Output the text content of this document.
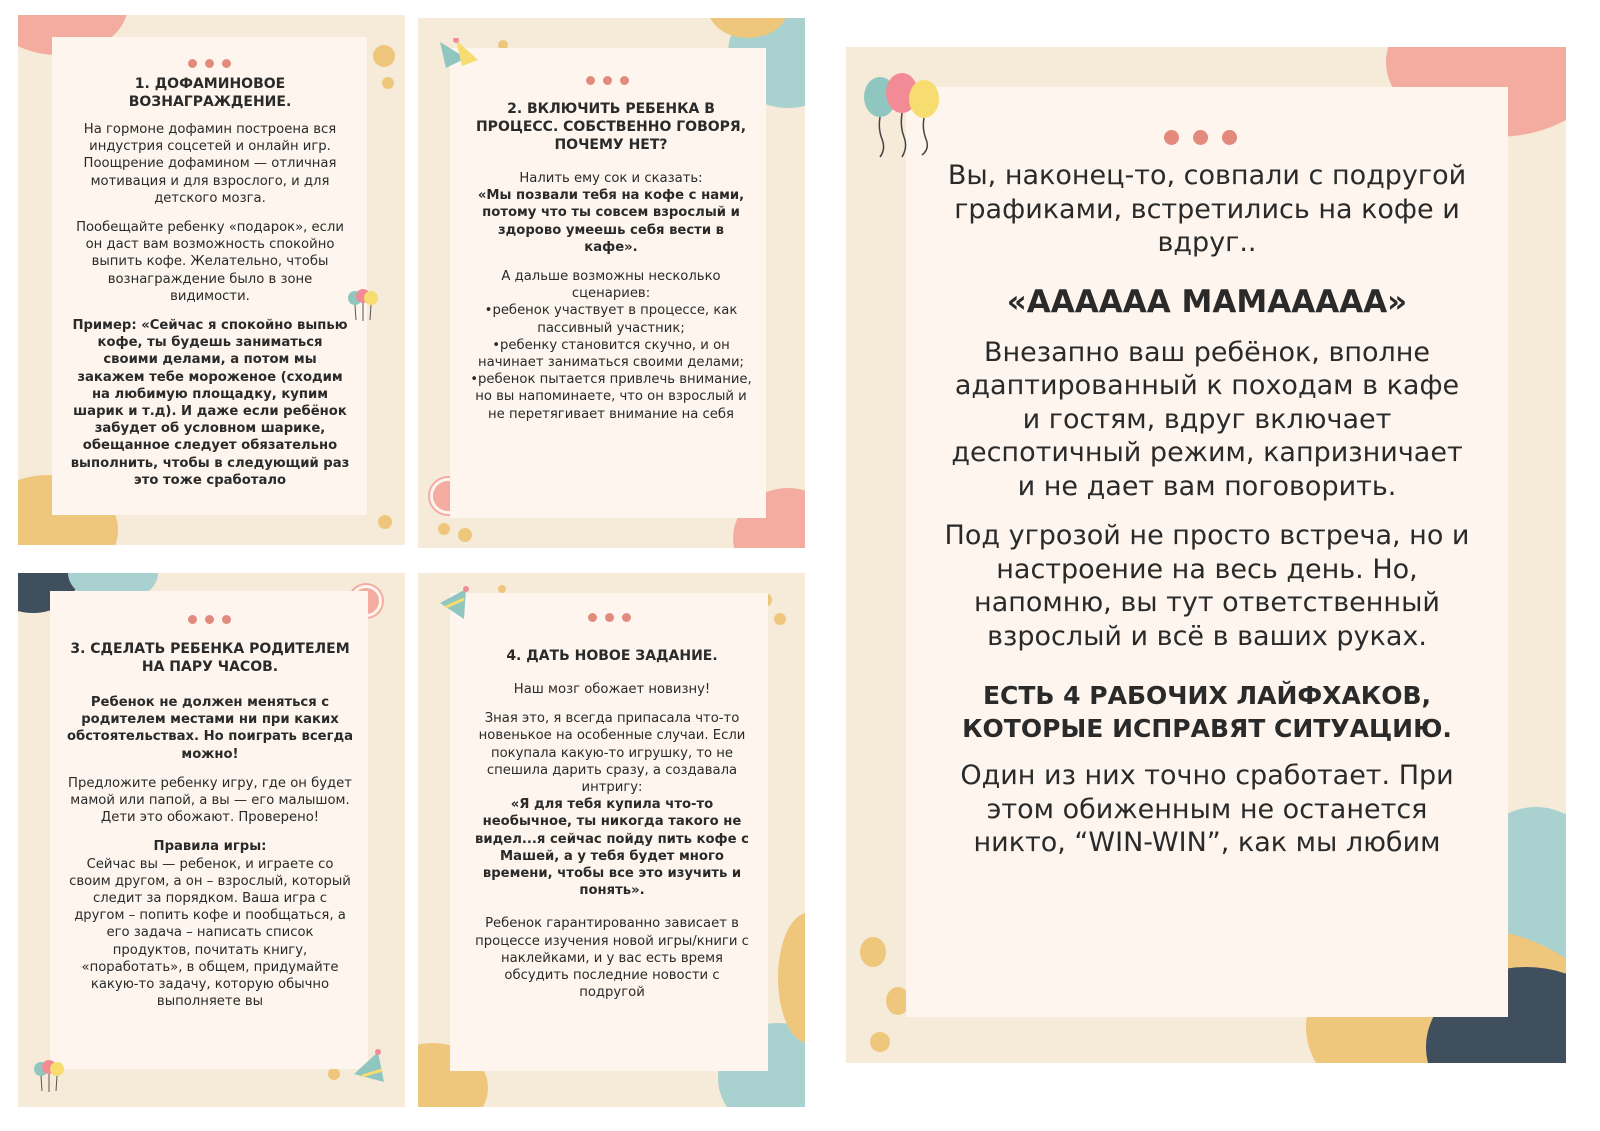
1. ДОФАМИНОВОЕ ВОЗНАГРАЖДЕНИЕ.

На гормоне дофамин построена вся индустрия соцсетей и онлайн игр. Поощрение дофамином — отличная мотивация и для взрослого, и для детского мозга.

Пообещайте ребенку «подарок», если он даст вам возможность спокойно выпить кофе. Желательно, чтобы вознаграждение было в зоне видимости.

Пример: «Сейчас я спокойно выпью кофе, ты будешь заниматься своими делами, а потом мы закажем тебе мороженое (сходим на любимую площадку, купим шарик и т.д). И даже если ребёнок забудет об условном шарике, обещанное следует обязательно выполнить, чтобы в следующий раз это тоже сработало

2. ВКЛЮЧИТЬ РЕБЕНКА В ПРОЦЕСС. СОБСТВЕННО ГОВОРЯ, ПОЧЕМУ НЕТ?

Налить ему сок и сказать:

«Мы позвали тебя на кофе с нами, потому что ты совсем взрослый и здорово умеешь себя вести в кафе».

А дальше возможны несколько сценариев:

•ребенок участвует в процессе, как пассивный участник;

•ребенку становится скучно, и он начинает заниматься своими делами;

•ребенок пытается привлечь внимание, но вы напоминаете, что он взрослый и не перетягивает внимание на себя

3. СДЕЛАТЬ РЕБЕНКА РОДИТЕЛЕМ НА ПАРУ ЧАСОВ.

Ребенок не должен меняться с родителем местами ни при каких обстоятельствах. Но поиграть всегда можно!

Предложите ребенку игру, где он будет мамой или папой, а вы — его малышом. Дети это обожают. Проверено!

Правила игры:

Сейчас вы — ребенок, и играете со своим другом, а он – взрослый, который следит за порядком. Ваша игра с другом – попить кофе и пообщаться, а его задача – написать список продуктов, почитать книгу, «поработать», в общем, придумайте какую-то задачу, которую обычно выполняете вы

4. ДАТЬ НОВОЕ ЗАДАНИЕ.

Наш мозг обожает новизну!

Зная это, я всегда припасала что-то новенькое на особенные случаи. Если покупала какую-то игрушку, то не спешила дарить сразу, а создавала интригу:

«Я для тебя купила что-то необычное, ты никогда такого не видел...я сейчас пойду пить кофе с Машей, а у тебя будет много времени, чтобы все это изучить и понять».

Ребенок гарантированно зависает в процессе изучения новой игры/книги с наклейками, и у вас есть время обсудить последние новости с подругой

Вы, наконец-то, совпали с подругой графиками, встретились на кофе и вдруг..

«АААААА МАМААААА»

Внезапно ваш ребёнок, вполне адаптированный к походам в кафе и гостям, вдруг включает деспотичный режим, капризничает и не дает вам поговорить.

Под угрозой не просто встреча, но и настроение на весь день. Но, напомню, вы тут ответственный взрослый и всё в ваших руках.

ЕСТЬ 4 РАБОЧИХ ЛАЙФХАКОВ, КОТОРЫЕ ИСПРАВЯТ СИТУАЦИЮ.

Один из них точно сработает. При этом обиженным не останется никто, “WIN-WIN”, как мы любим
